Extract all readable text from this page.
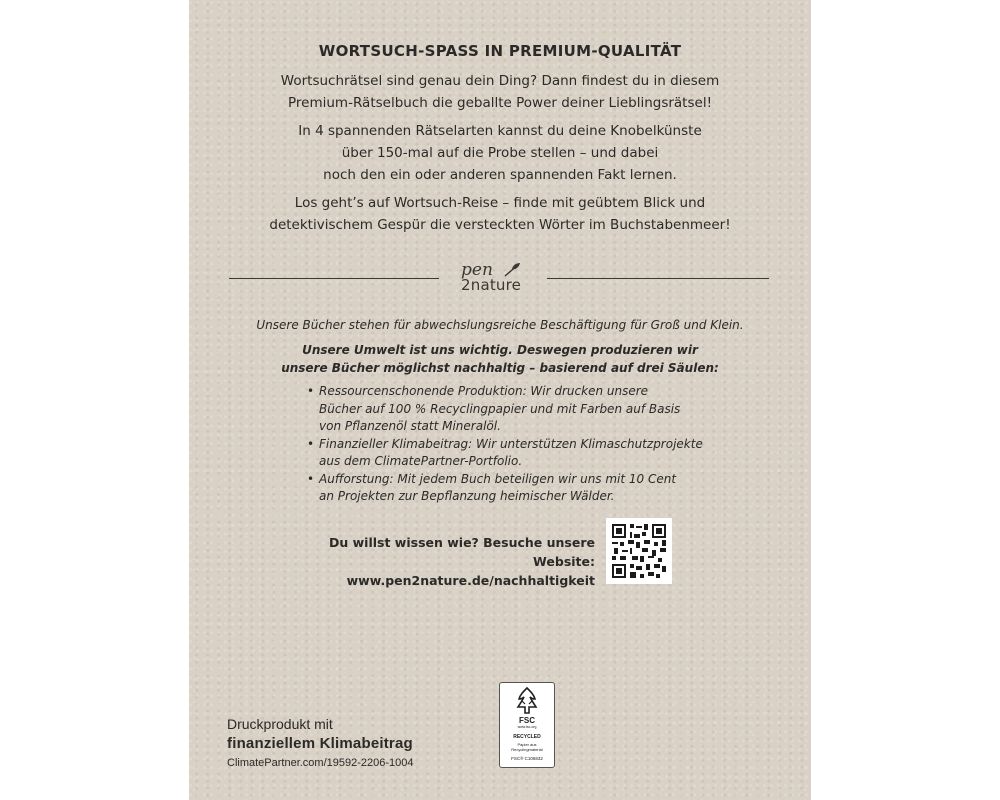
WORTSUCH-SPASS IN PREMIUM-QUALITÄT
Wortsuchrätsel sind genau dein Ding? Dann findest du in diesem
Premium-Rätselbuch die geballte Power deiner Lieblingsrätsel!
In 4 spannenden Rätselarten kannst du deine Knobelkünste
über 150-mal auf die Probe stellen – und dabei
noch den ein oder anderen spannenden Fakt lernen.
Los geht’s auf Wortsuch-Reise – finde mit geübtem Blick und
detektivischem Gespür die versteckten Wörter im Buchstabenmeer!
pen
2nature
Unsere Bücher stehen für abwechslungsreiche Beschäftigung für Groß und Klein.
Unsere Umwelt ist uns wichtig. Deswegen produzieren wir
unsere Bücher möglichst nachhaltig – basierend auf drei Säulen:
• Ressourcenschonende Produktion: Wir drucken unsere
Bücher auf 100 % Recyclingpapier und mit Farben auf Basis
von Pflanzenöl statt Mineralöl.
• Finanzieller Klimabeitrag: Wir unterstützen Klimaschutzprojekte
aus dem ClimatePartner-Portfolio.
• Aufforstung: Mit jedem Buch beteiligen wir uns mit 10 Cent
an Projekten zur Bepflanzung heimischer Wälder.
Du willst wissen wie? Besuche unsere Website:
www.pen2nature.de/nachhaltigkeit
Druckprodukt mit
finanziellem Klimabeitrag
ClimatePartner.com/19592-2206-1004
FSC
www.fsc.org
RECYCLED
Papier aus
Recyclingmaterial
FSC® C106832
